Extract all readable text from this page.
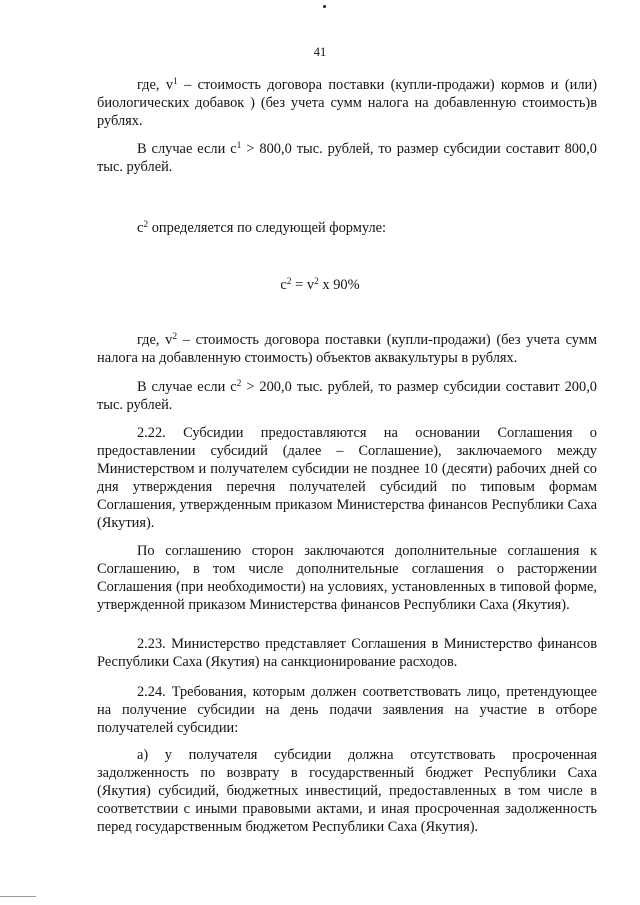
41
где, $v^1$ – стоимость договора поставки (купли-продажи) кормов и (или) биологических добавок ) (без учета сумм налога на добавленную стоимость)в рублях.
В случае если $c^1 > 800,0$ тыс. рублей, то размер субсидии составит 800,0 тыс. рублей.
$c^2$ определяется по следующей формуле:
$c^2 = v^2$ x 90%
где, $v^2$ – стоимость договора поставки (купли-продажи) (без учета сумм налога на добавленную стоимость) объектов аквакультуры в рублях.
В случае если $c^2 > 200,0$ тыс. рублей, то размер субсидии составит 200,0 тыс. рублей.
2.22. Субсидии предоставляются на основании Соглашения о предоставлении субсидий (далее – Соглашение), заключаемого между Министерством и получателем субсидии не позднее 10 (десяти) рабочих дней со дня утверждения перечня получателей субсидий по типовым формам Соглашения, утвержденным приказом Министерства финансов Республики Саха (Якутия).
По соглашению сторон заключаются дополнительные соглашения к Соглашению, в том числе дополнительные соглашения о расторжении Соглашения (при необходимости) на условиях, установленных в типовой форме, утвержденной приказом Министерства финансов Республики Саха (Якутия).
2.23. Министерство представляет Соглашения в Министерство финансов Республики Саха (Якутия) на санкционирование расходов.
2.24. Требования, которым должен соответствовать лицо, претендующее на получение субсидии на день подачи заявления на участие в отборе получателей субсидии:
а) у получателя субсидии должна отсутствовать просроченная задолженность по возврату в государственный бюджет Республики Саха (Якутия) субсидий, бюджетных инвестиций, предоставленных в том числе в соответствии с иными правовыми актами, и иная просроченная задолженность перед государственным бюджетом Республики Саха (Якутия).
